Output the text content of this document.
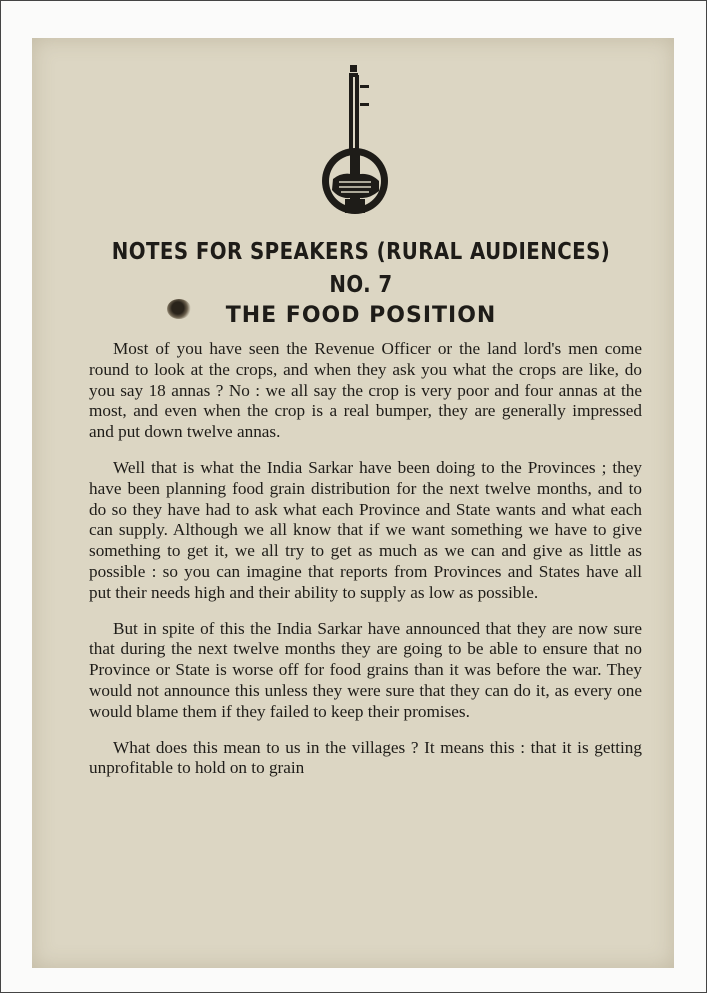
NOTES FOR SPEAKERS (RURAL AUDIENCES)
NO. 7
THE FOOD POSITION

Most of you have seen the Revenue Officer or the land lord's men come round to look at the crops, and when they ask you what the crops are like, do you say 18 annas ? No : we all say the crop is very poor and four annas at the most, and even when the crop is a real bumper, they are generally impressed and put down twelve annas.

Well that is what the India Sarkar have been doing to the Provinces ; they have been planning food grain distribution for the next twelve months, and to do so they have had to ask what each Province and State wants and what each can supply. Although we all know that if we want something we have to give something to get it, we all try to get as much as we can and give as little as possible : so you can imagine that reports from Provinces and States have all put their needs high and their ability to supply as low as possible.

But in spite of this the India Sarkar have announced that they are now sure that during the next twelve months they are going to be able to ensure that no Province or State is worse off for food grains than it was before the war. They would not announce this unless they were sure that they can do it, as every one would blame them if they failed to keep their promises.

What does this mean to us in the villages ? It means this : that it is getting unprofitable to hold on to grain
